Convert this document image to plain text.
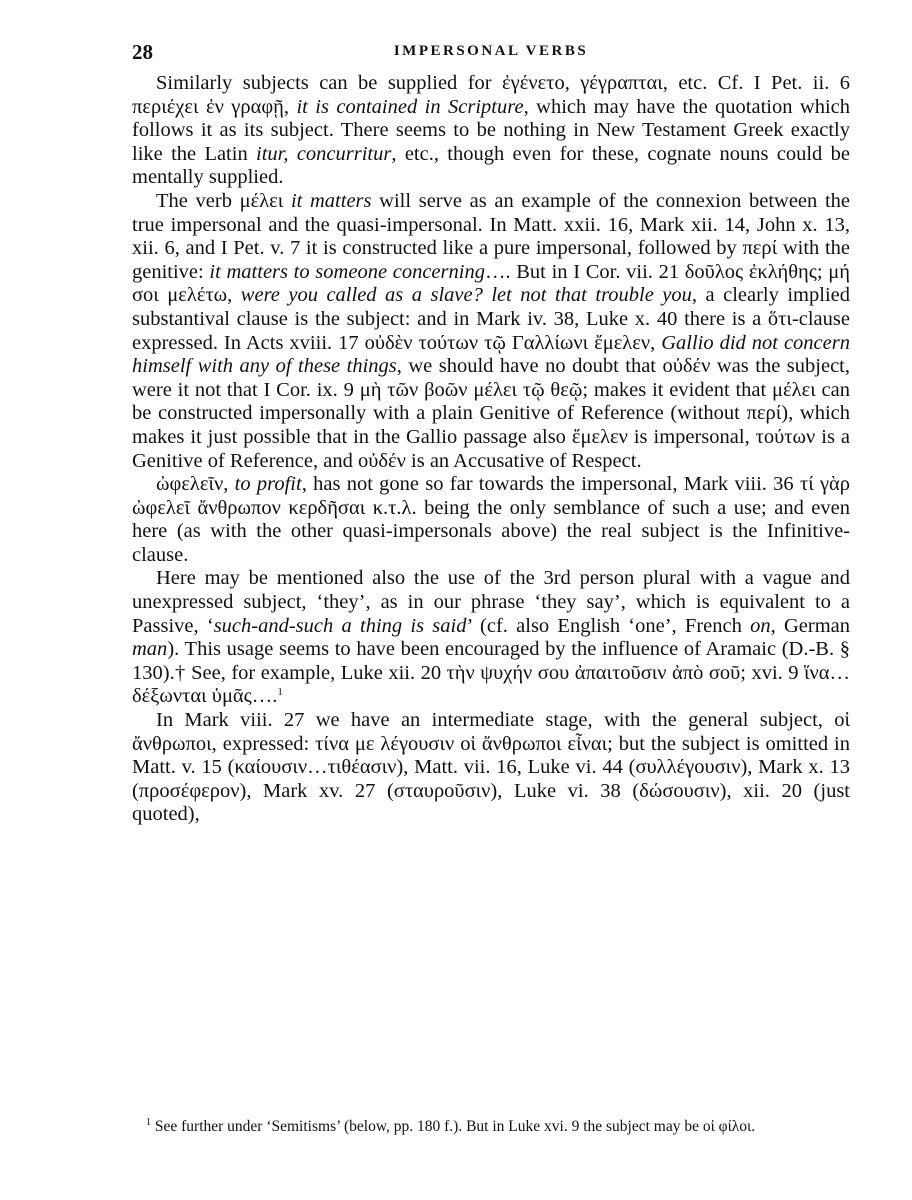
28	IMPERSONAL VERBS

Similarly subjects can be supplied for ἐγένετο, γέγραπται, etc. Cf. I Pet. ii. 6 περιέχει ἐν γραφῇ, it is contained in Scripture, which may have the quotation which follows it as its subject. There seems to be nothing in New Testament Greek exactly like the Latin itur, concurritur, etc., though even for these, cognate nouns could be mentally supplied.

The verb μέλει it matters will serve as an example of the connexion between the true impersonal and the quasi-impersonal. In Matt. xxii. 16, Mark xii. 14, John x. 13, xii. 6, and I Pet. v. 7 it is constructed like a pure impersonal, followed by περί with the genitive: it matters to someone concerning…. But in I Cor. vii. 21 δοῦλος ἐκλήθης; μή σοι μελέτω, were you called as a slave? let not that trouble you, a clearly implied substantival clause is the subject: and in Mark iv. 38, Luke x. 40 there is a ὅτι-clause expressed. In Acts xviii. 17 οὐδὲν τούτων τῷ Γαλλίωνι ἔμελεν, Gallio did not concern himself with any of these things, we should have no doubt that οὐδέν was the subject, were it not that I Cor. ix. 9 μὴ τῶν βοῶν μέλει τῷ θεῷ; makes it evident that μέλει can be constructed impersonally with a plain Genitive of Reference (without περί), which makes it just possible that in the Gallio passage also ἔμελεν is impersonal, τούτων is a Genitive of Reference, and οὐδέν is an Accusative of Respect.

ὠφελεῖν, to profit, has not gone so far towards the impersonal, Mark viii. 36 τί γὰρ ὠφελεῖ ἄνθρωπον κερδῆσαι κ.τ.λ. being the only semblance of such a use; and even here (as with the other quasi-impersonals above) the real subject is the Infinitive-clause.

Here may be mentioned also the use of the 3rd person plural with a vague and unexpressed subject, ‘they’, as in our phrase ‘they say’, which is equivalent to a Passive, ‘such-and-such a thing is said’ (cf. also English ‘one’, French on, German man). This usage seems to have been encouraged by the influence of Aramaic (D.-B. § 130).† See, for example, Luke xii. 20 τὴν ψυχήν σου ἀπαιτοῦσιν ἀπὸ σοῦ; xvi. 9 ἵνα…δέξωνται ὑμᾶς….$^1$

In Mark viii. 27 we have an intermediate stage, with the general subject, οἱ ἄνθρωποι, expressed: τίνα με λέγουσιν οἱ ἄνθρωποι εἶναι; but the subject is omitted in Matt. v. 15 (καίουσιν…τιθέασιν), Matt. vii. 16, Luke vi. 44 (συλλέγουσιν), Mark x. 13 (προσέφερον), Mark xv. 27 (σταυροῦσιν), Luke vi. 38 (δώσουσιν), xii. 20 (just quoted),

$^1$ See further under ‘Semitisms’ (below, pp. 180 f.). But in Luke xvi. 9 the subject may be οἱ φίλοι.
